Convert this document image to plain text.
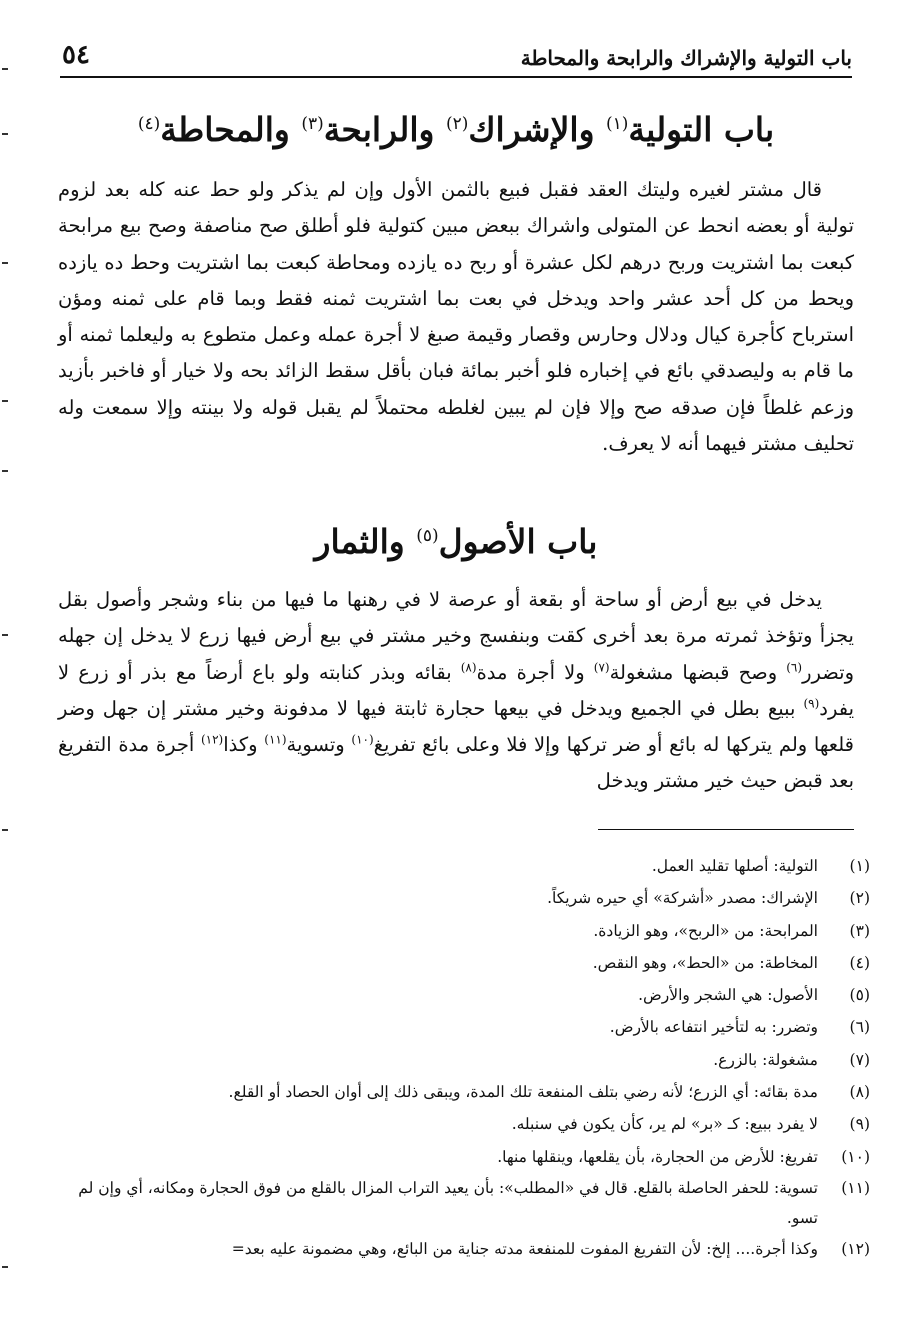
باب التولية والإشراك والرابحة والمحاطة
٥٤
باب التولية$^{(١)}$ والإشراك$^{(٢)}$ والرابحة$^{(٣)}$ والمحاطة$^{(٤)}$

قال مشتر لغيره وليتك العقد فقبل فبيع بالثمن الأول وإن لم يذكر ولو حط عنه كله بعد لزوم تولية أو بعضه انحط عن المتولى واشراك ببعض مبين كتولية فلو أطلق صح مناصفة وصح بيع مرابحة كبعت بما اشتريت وربح درهم لكل عشرة أو ربح ده يازده ومحاطة كبعت بما اشتريت وحط ده يازده ويحط من كل أحد عشر واحد ويدخل في بعت بما اشتريت ثمنه فقط وبما قام على ثمنه ومؤن استرباح كأجرة كيال ودلال وحارس وقصار وقيمة صبغ لا أجرة عمله وعمل متطوع به وليعلما ثمنه أو ما قام به وليصدقي بائع في إخباره فلو أخبر بمائة فبان بأقل سقط الزائد بحه ولا خيار أو فاخبر بأزيد وزعم غلطاً فإن صدقه صح وإلا فإن لم يبين لغلطه محتملاً لم يقبل قوله ولا بينته وإلا سمعت وله تحليف مشتر فيهما أنه لا يعرف.

باب الأصول$^{(٥)}$ والثمار

يدخل في بيع أرض أو ساحة أو بقعة أو عرصة لا في رهنها ما فيها من بناء وشجر وأصول بقل يجزأ وتؤخذ ثمرته مرة بعد أخرى كقت وبنفسج وخير مشتر في بيع أرض فيها زرع لا يدخل إن جهله وتضرر$^{(٦)}$ وصح قبضها مشغولة$^{(٧)}$ ولا أجرة مدة$^{(٨)}$ بقائه وبذر كنابته ولو باع أرضاً مع بذر أو زرع لا يفرد$^{(٩)}$ ببيع بطل في الجميع ويدخل في بيعها حجارة ثابتة فيها لا مدفونة وخير مشتر إن جهل وضر قلعها ولم يتركها له بائع أو ضر تركها وإلا فلا وعلى بائع تفريغ$^{(١٠)}$ وتسوية$^{(١١)}$ وكذا$^{(١٢)}$ أجرة مدة التفريغ بعد قبض حيث خير مشتر ويدخل

(١)
التولية: أصلها تقليد العمل.
(٢)
الإشراك: مصدر «أشركة» أي حيره شريكاً.
(٣)
المرابحة: من «الربح»، وهو الزيادة.
(٤)
المخاطة: من «الحط»، وهو النقص.
(٥)
الأصول: هي الشجر والأرض.
(٦)
وتضرر: به لتأخير انتفاعه بالأرض.
(٧)
مشغولة: بالزرع.
(٨)
مدة بقائه: أي الزرع؛ لأنه رضي بتلف المنفعة تلك المدة، ويبقى ذلك إلى أوان الحصاد أو القلع.
(٩)
لا يفرد ببيع: كـ «بر» لم ير، كأن يكون في سنبله.
(١٠)
تفريغ: للأرض من الحجارة، بأن يقلعها، وينقلها منها.
(١١)
تسوية: للحفر الحاصلة بالقلع. قال في «المطلب»: بأن يعيد التراب المزال بالقلع من فوق الحجارة ومكانه، أي وإن لم تسو.
(١٢)
وكذا أجرة.... إلخ: لأن التفريغ المفوت للمنفعة مدته جناية من البائع، وهي مضمونة عليه بعد=
